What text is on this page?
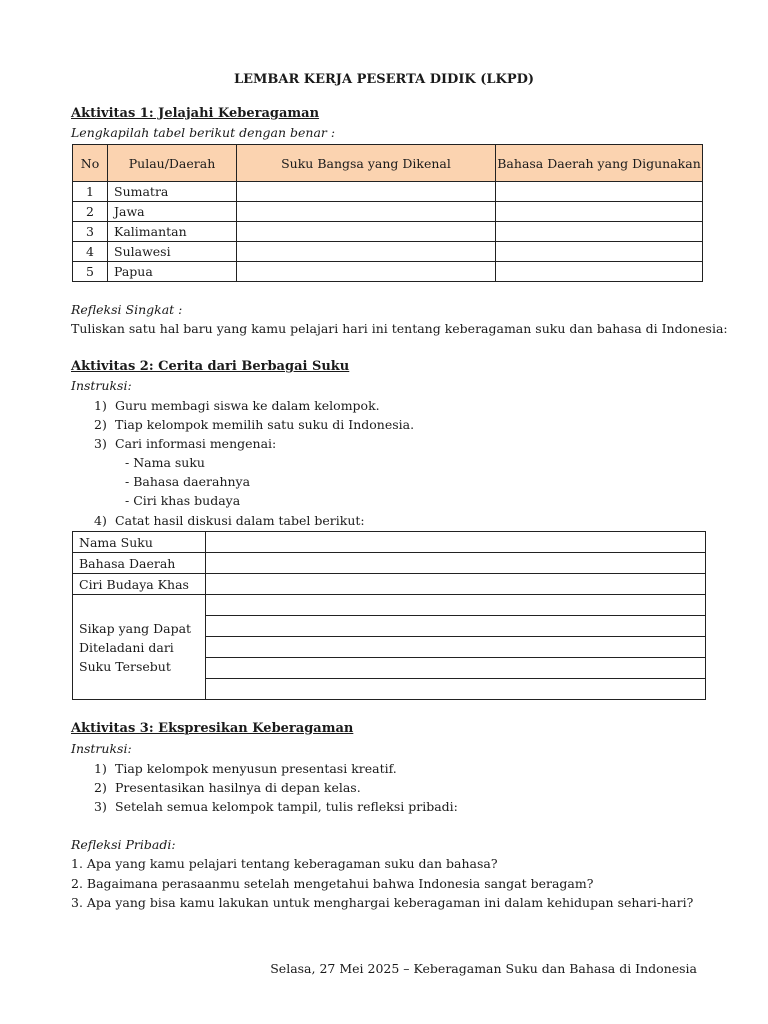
LEMBAR KERJA PESERTA DIDIK (LKPD)
Aktivitas 1: Jelajahi Keberagaman
Lengkapilah tabel berikut dengan benar :
No	Pulau/Daerah	Suku Bangsa yang Dikenal	Bahasa Daerah yang Digunakan
1	Sumatra		
2	Jawa		
3	Kalimantan		
4	Sulawesi		
5	Papua		
Refleksi Singkat :
Tuliskan satu hal baru yang kamu pelajari hari ini tentang keberagaman suku dan bahasa di Indonesia:
Aktivitas 2: Cerita dari Berbagai Suku
Instruksi:
1) Guru membagi siswa ke dalam kelompok.
2) Tiap kelompok memilih satu suku di Indonesia.
3) Cari informasi mengenai:
- Nama suku
- Bahasa daerahnya
- Ciri khas budaya
4) Catat hasil diskusi dalam tabel berikut:
Nama Suku	
Bahasa Daerah	
Ciri Budaya Khas	
Sikap yang Dapat Diteladani dari Suku Tersebut	

Aktivitas 3: Ekspresikan Keberagaman
Instruksi:
1) Tiap kelompok menyusun presentasi kreatif.
2) Presentasikan hasilnya di depan kelas.
3) Setelah semua kelompok tampil, tulis refleksi pribadi:
Refleksi Pribadi:
1. Apa yang kamu pelajari tentang keberagaman suku dan bahasa?
2. Bagaimana perasaanmu setelah mengetahui bahwa Indonesia sangat beragam?
3. Apa yang bisa kamu lakukan untuk menghargai keberagaman ini dalam kehidupan sehari-hari?
Selasa, 27 Mei 2025 – Keberagaman Suku dan Bahasa di Indonesia
